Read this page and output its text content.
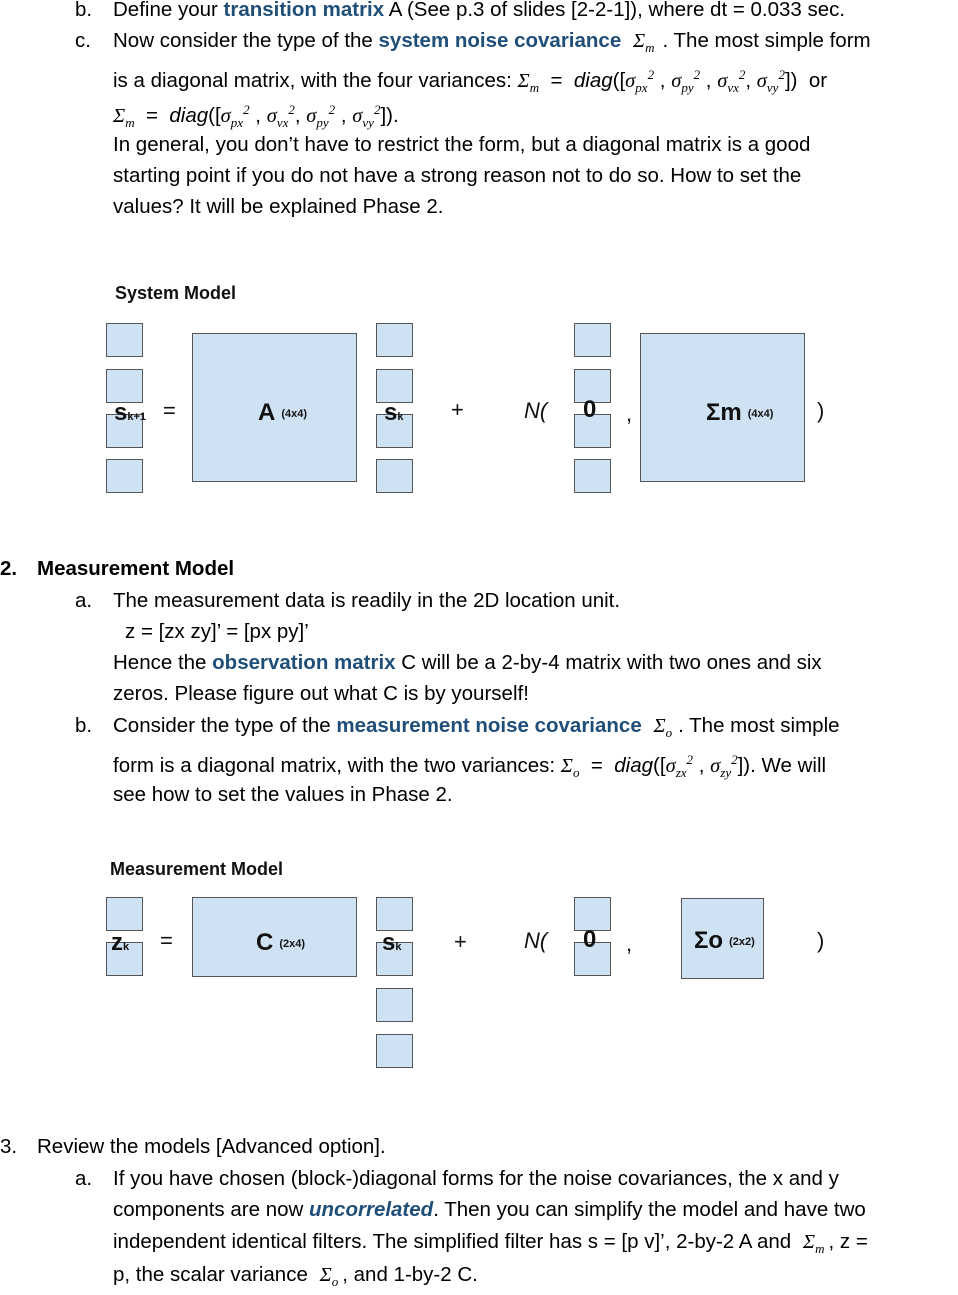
b. Define your transition matrix A (See p.3 of slides [2-2-1]), where dt = 0.033 sec.
c. Now consider the type of the system noise covariance $\Sigma_m$ . The most simple form
is a diagonal matrix, with the four variances: $\Sigma_m$ = $diag([\sigma_{px}^2$ , $\sigma_{py}^2$ , $\sigma_{vx}^2$, $\sigma_{vy}^2$]) or
$\Sigma_m$ = $diag([\sigma_{px}^2$ , $\sigma_{vx}^2$, $\sigma_{py}^2$ , $\sigma_{vy}^2$]).
In general, you don’t have to restrict the form, but a diagonal matrix is a good
starting point if you do not have a strong reason not to do so. How to set the
values? It will be explained Phase 2.
System Model
sk+1 =	A (4x4)	sk +	N( 0 ,	Σm (4x4) )
2. Measurement Model
a. The measurement data is readily in the 2D location unit.
z = [zx zy]’ = [px py]’
Hence the observation matrix C will be a 2-by-4 matrix with two ones and six
zeros. Please figure out what C is by yourself!
b. Consider the type of the measurement noise covariance $\Sigma_o$ . The most simple
form is a diagonal matrix, with the two variances: $\Sigma_o$ = $diag([\sigma_{zx}^2$ , $\sigma_{zy}^2$]). We will
see how to set the values in Phase 2.
Measurement Model
zk =	C (2x4)	sk +	N( 0 ,	Σo (2x2)	)
3. Review the models [Advanced option].
a. If you have chosen (block-)diagonal forms for the noise covariances, the x and y
components are now uncorrelated. Then you can simplify the model and have two
independent identical filters. The simplified filter has s = [p v]’, 2-by-2 A and $\Sigma_m$ , z =
p, the scalar variance $\Sigma_o$ , and 1-by-2 C.
